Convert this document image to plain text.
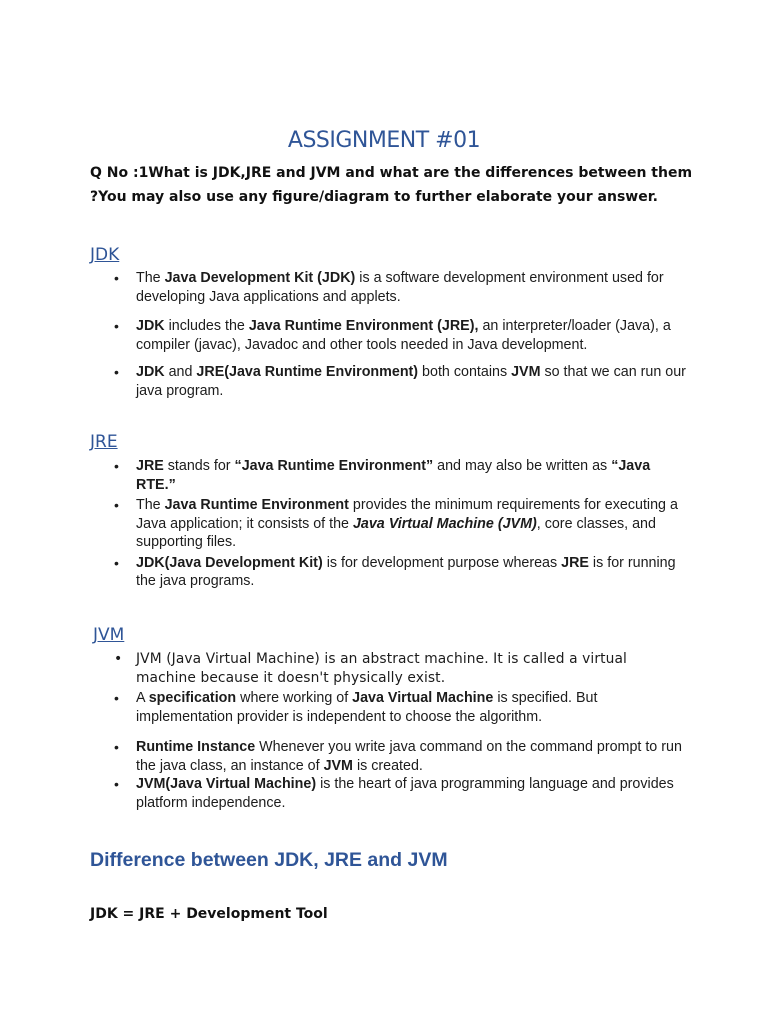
ASSIGNMENT #01
Q No :1What is JDK,JRE and JVM and what are the differences between them
?You may also use any figure/diagram to further elaborate your answer.
JDK
• The Java Development Kit (JDK) is a software development environment used for developing Java applications and applets.
• JDK includes the Java Runtime Environment (JRE), an interpreter/loader (Java), a compiler (javac), Javadoc and other tools needed in Java development.
• JDK and JRE(Java Runtime Environment) both contains JVM so that we can run our java program.
JRE
• JRE stands for “Java Runtime Environment” and may also be written as “Java RTE.”
• The Java Runtime Environment provides the minimum requirements for executing a Java application; it consists of the Java Virtual Machine (JVM), core classes, and supporting files.
• JDK(Java Development Kit) is for development purpose whereas JRE is for running the java programs.
JVM
• JVM (Java Virtual Machine) is an abstract machine. It is called a virtual machine because it doesn't physically exist.
• A specification where working of Java Virtual Machine is specified. But implementation provider is independent to choose the algorithm.
• Runtime Instance Whenever you write java command on the command prompt to run the java class, an instance of JVM is created.
• JVM(Java Virtual Machine) is the heart of java programming language and provides platform independence.
Difference between JDK, JRE and JVM
JDK = JRE + Development Tool
